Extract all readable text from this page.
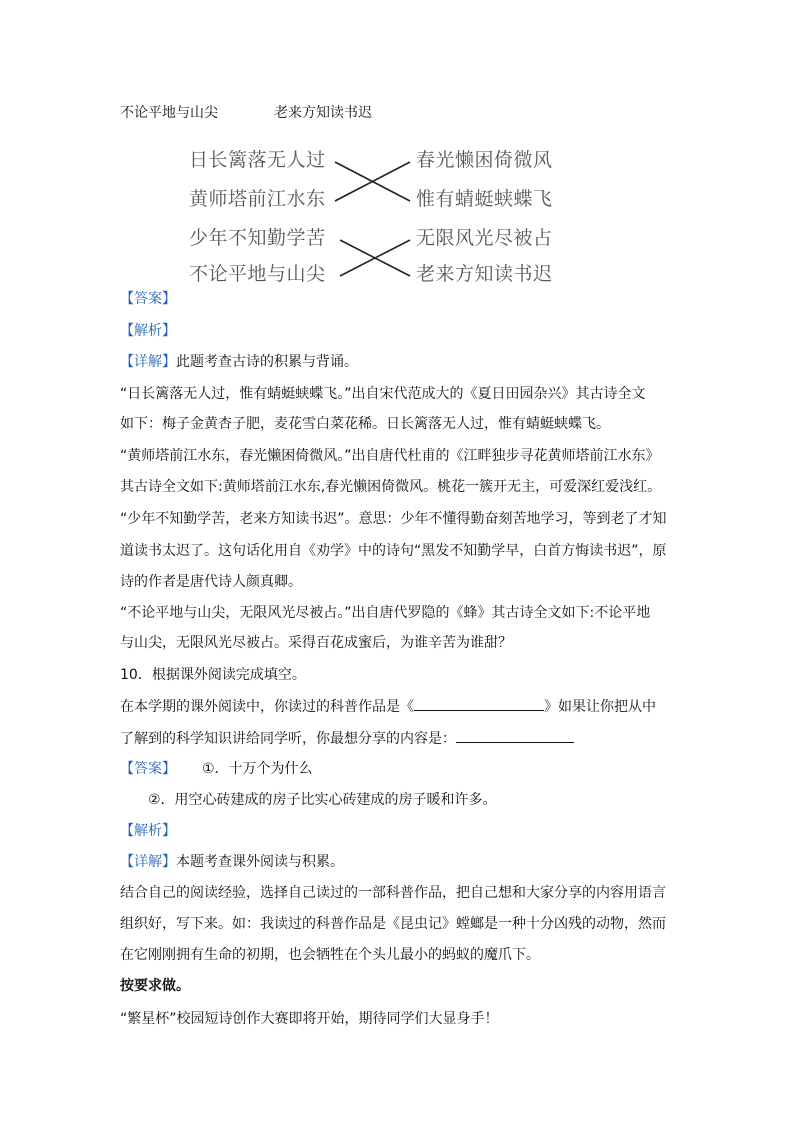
不论平地与山尖	老来方知读书迟
日长篱落无人过
黄师塔前江水东
少年不知勤学苦
不论平地与山尖
春光懒困倚微风
惟有蜻蜓蛱蝶飞
无限风光尽被占
老来方知读书迟
【答案】
【解析】
【详解】此题考查古诗的积累与背诵。
“日长篱落无人过，惟有蜻蜓蛱蝶飞。”出自宋代范成大的《夏日田园杂兴》其古诗全文
如下：梅子金黄杏子肥，麦花雪白菜花稀。日长篱落无人过，惟有蜻蜓蛱蝶飞。
“黄师塔前江水东，春光懒困倚微风。”出自唐代杜甫的《江畔独步寻花黄师塔前江水东》
其古诗全文如下:黄师塔前江水东,春光懒困倚微风。桃花一簇开无主，可爱深红爱浅红。
“少年不知勤学苦，老来方知读书迟”。意思：少年不懂得勤奋刻苦地学习，等到老了才知
道读书太迟了。这句话化用自《劝学》中的诗句“黑发不知勤学早，白首方悔读书迟”，原
诗的作者是唐代诗人颜真卿。
“不论平地与山尖，无限风光尽被占。”出自唐代罗隐的《蜂》其古诗全文如下:不论平地
与山尖，无限风光尽被占。采得百花成蜜后，为谁辛苦为谁甜？
10．根据课外阅读完成填空。
在本学期的课外阅读中，你读过的科普作品是《	》如果让你把从中
了解到的科学知识讲给同学听，你最想分享的内容是：
【答案】 ①．十万个为什么
②．用空心砖建成的房子比实心砖建成的房子暖和许多。
【解析】
【详解】本题考查课外阅读与积累。
结合自己的阅读经验，选择自己读过的一部科普作品，把自己想和大家分享的内容用语言
组织好，写下来。如：我读过的科普作品是《昆虫记》螳螂是一种十分凶残的动物，然而
在它刚刚拥有生命的初期，也会牺牲在个头儿最小的蚂蚁的魔爪下。
按要求做。
“繁星杯”校园短诗创作大赛即将开始，期待同学们大显身手！
